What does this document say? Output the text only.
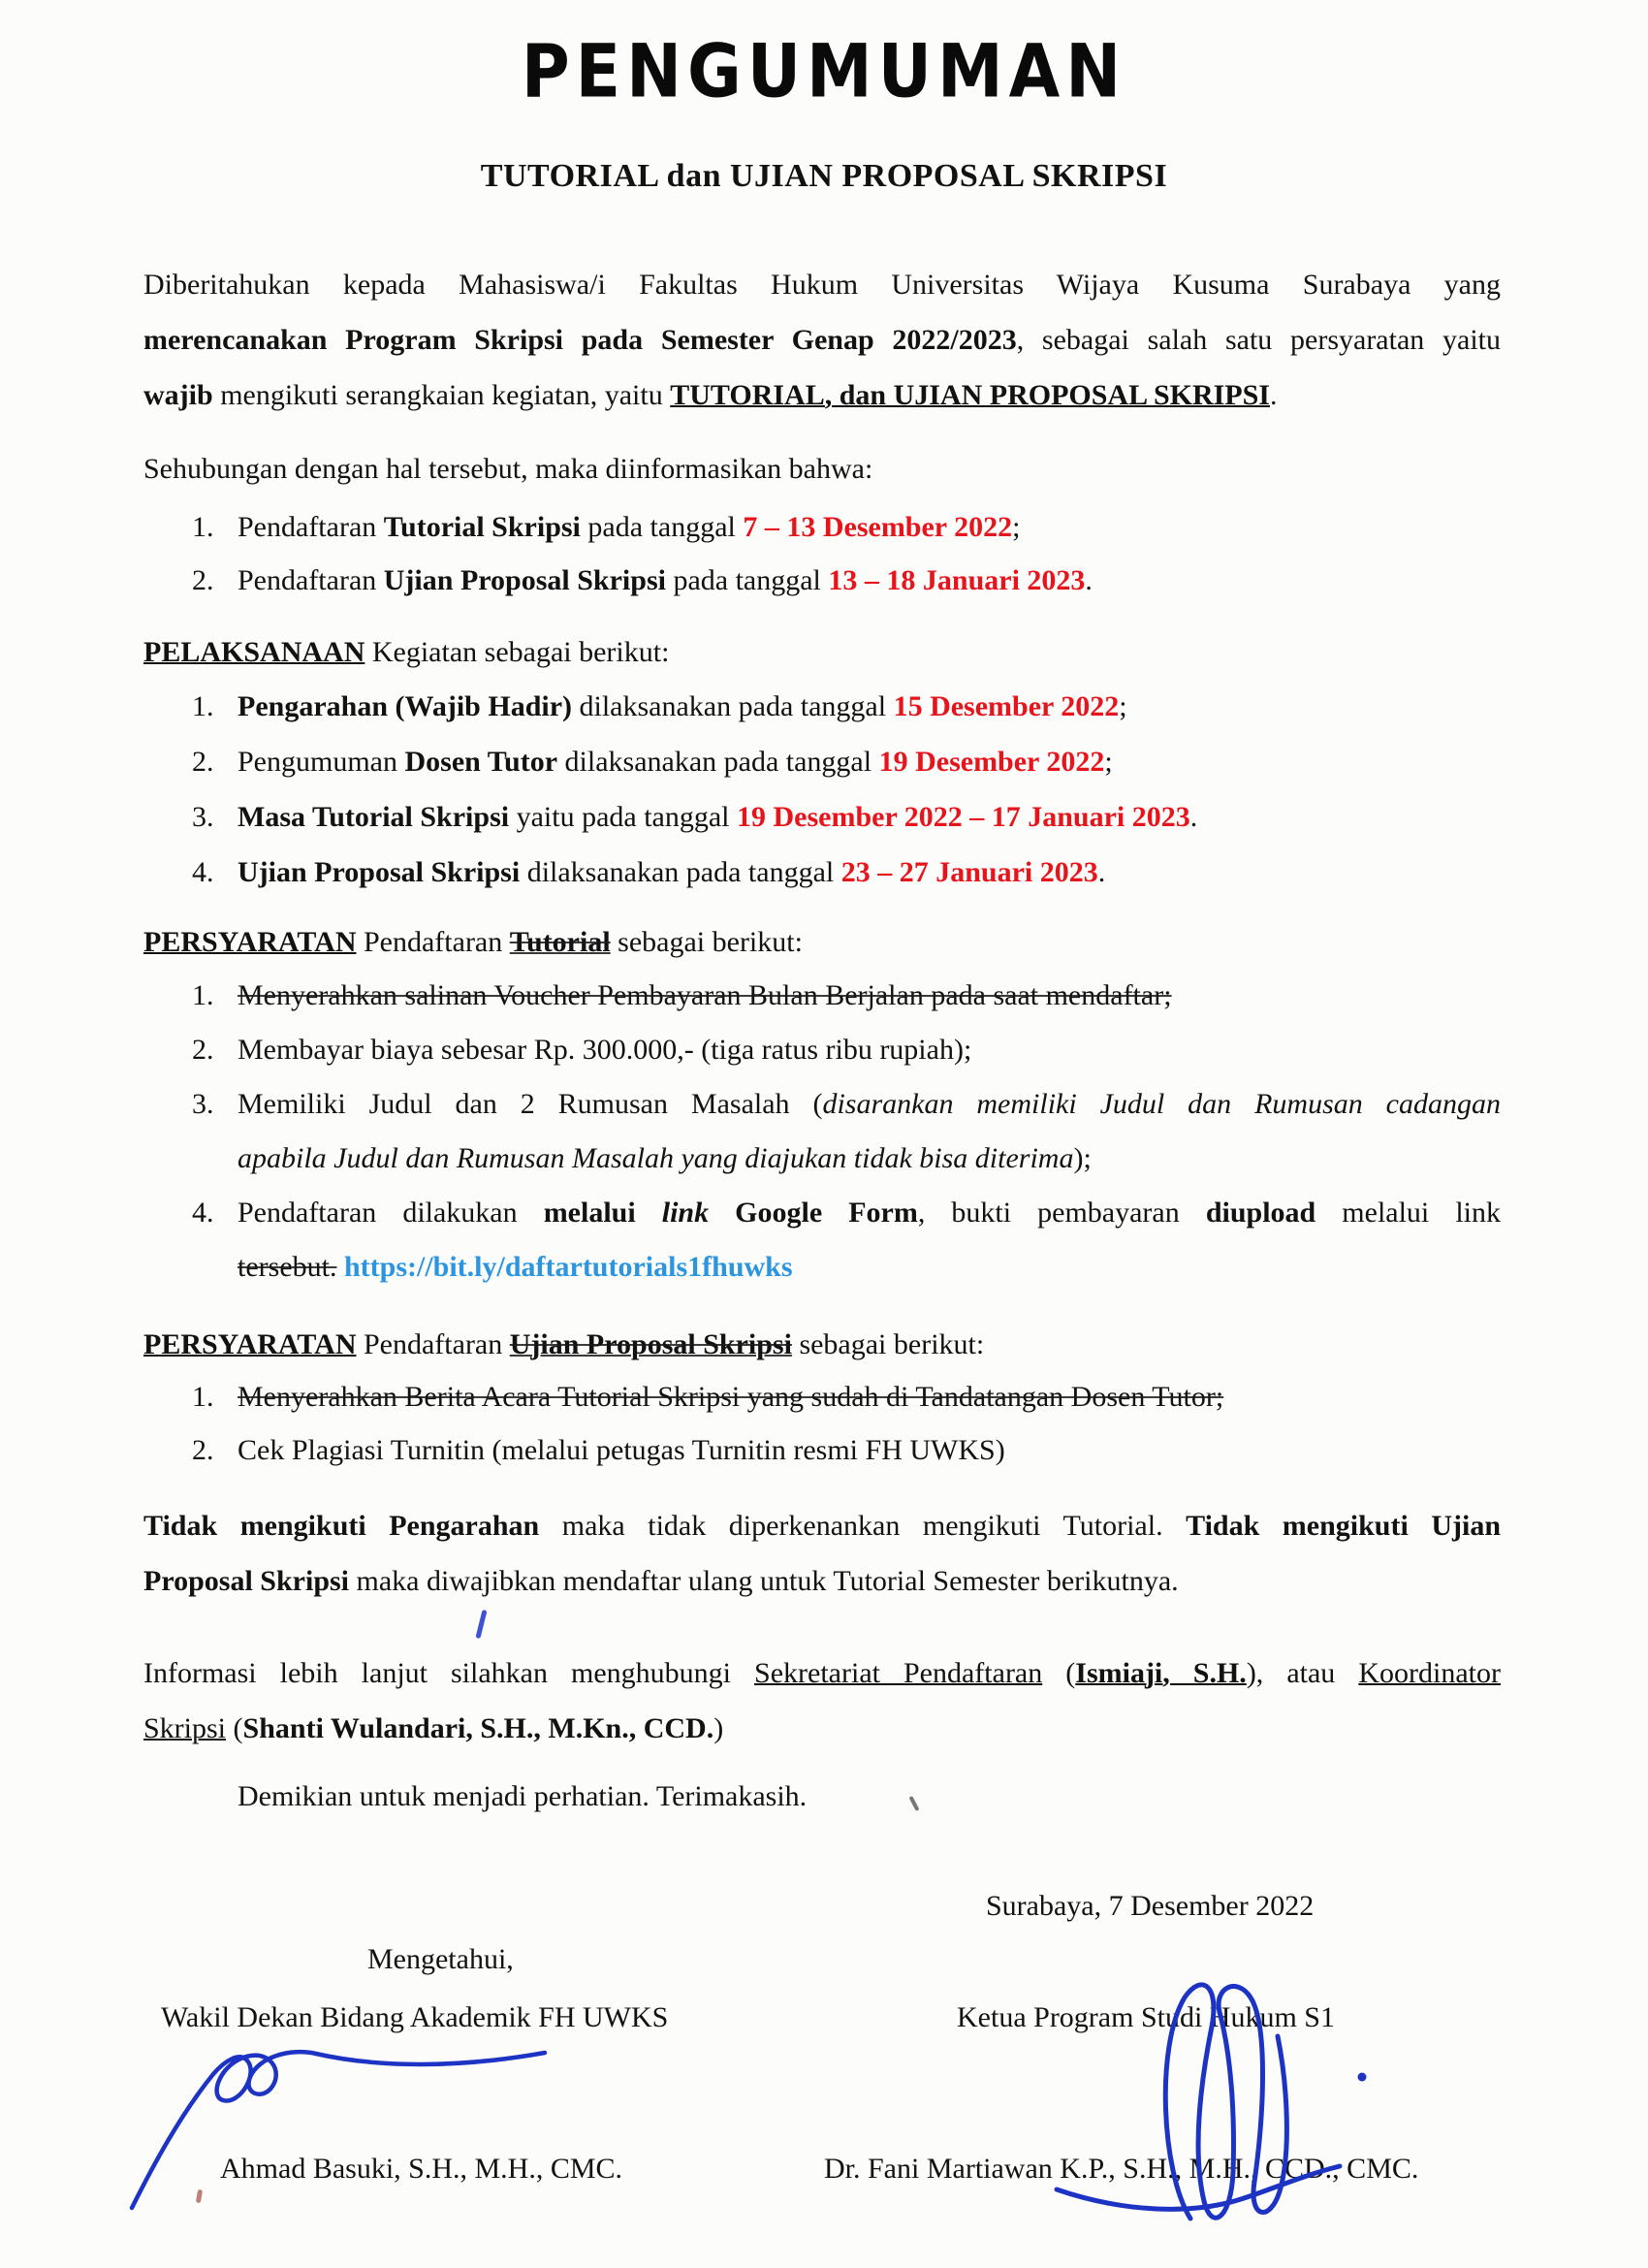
PENGUMUMAN
TUTORIAL dan UJIAN PROPOSAL SKRIPSI
Diberitahukan kepada Mahasiswa/i Fakultas Hukum Universitas Wijaya Kusuma Surabaya yang
merencanakan Program Skripsi pada Semester Genap 2022/2023, sebagai salah satu persyaratan yaitu
wajib mengikuti serangkaian kegiatan, yaitu TUTORIAL, dan UJIAN PROPOSAL SKRIPSI.
Sehubungan dengan hal tersebut, maka diinformasikan bahwa:
1. Pendaftaran Tutorial Skripsi pada tanggal 7 – 13 Desember 2022;
2. Pendaftaran Ujian Proposal Skripsi pada tanggal 13 – 18 Januari 2023.
PELAKSANAAN Kegiatan sebagai berikut:
1. Pengarahan (Wajib Hadir) dilaksanakan pada tanggal 15 Desember 2022;
2. Pengumuman Dosen Tutor dilaksanakan pada tanggal 19 Desember 2022;
3. Masa Tutorial Skripsi yaitu pada tanggal 19 Desember 2022 – 17 Januari 2023.
4. Ujian Proposal Skripsi dilaksanakan pada tanggal 23 – 27 Januari 2023.
PERSYARATAN Pendaftaran Tutorial sebagai berikut:
1. Menyerahkan salinan Voucher Pembayaran Bulan Berjalan pada saat mendaftar;
2. Membayar biaya sebesar Rp. 300.000,- (tiga ratus ribu rupiah);
3. Memiliki Judul dan 2 Rumusan Masalah (disarankan memiliki Judul dan Rumusan cadangan
apabila Judul dan Rumusan Masalah yang diajukan tidak bisa diterima);
4. Pendaftaran dilakukan melalui link Google Form, bukti pembayaran diupload melalui link
tersebut. https://bit.ly/daftartutorials1fhuwks
PERSYARATAN Pendaftaran Ujian Proposal Skripsi sebagai berikut:
1. Menyerahkan Berita Acara Tutorial Skripsi yang sudah di Tandatangan Dosen Tutor;
2. Cek Plagiasi Turnitin (melalui petugas Turnitin resmi FH UWKS)
Tidak mengikuti Pengarahan maka tidak diperkenankan mengikuti Tutorial. Tidak mengikuti Ujian
Proposal Skripsi maka diwajibkan mendaftar ulang untuk Tutorial Semester berikutnya.
Informasi lebih lanjut silahkan menghubungi Sekretariat Pendaftaran (Ismiaji, S.H.), atau Koordinator
Skripsi (Shanti Wulandari, S.H., M.Kn., CCD.)
Demikian untuk menjadi perhatian. Terimakasih.
Surabaya, 7 Desember 2022
Mengetahui,
Wakil Dekan Bidang Akademik FH UWKS	Ketua Program Studi Hukum S1
Ahmad Basuki, S.H., M.H., CMC.	Dr. Fani Martiawan K.P., S.H., M.H., CCD., CMC.
